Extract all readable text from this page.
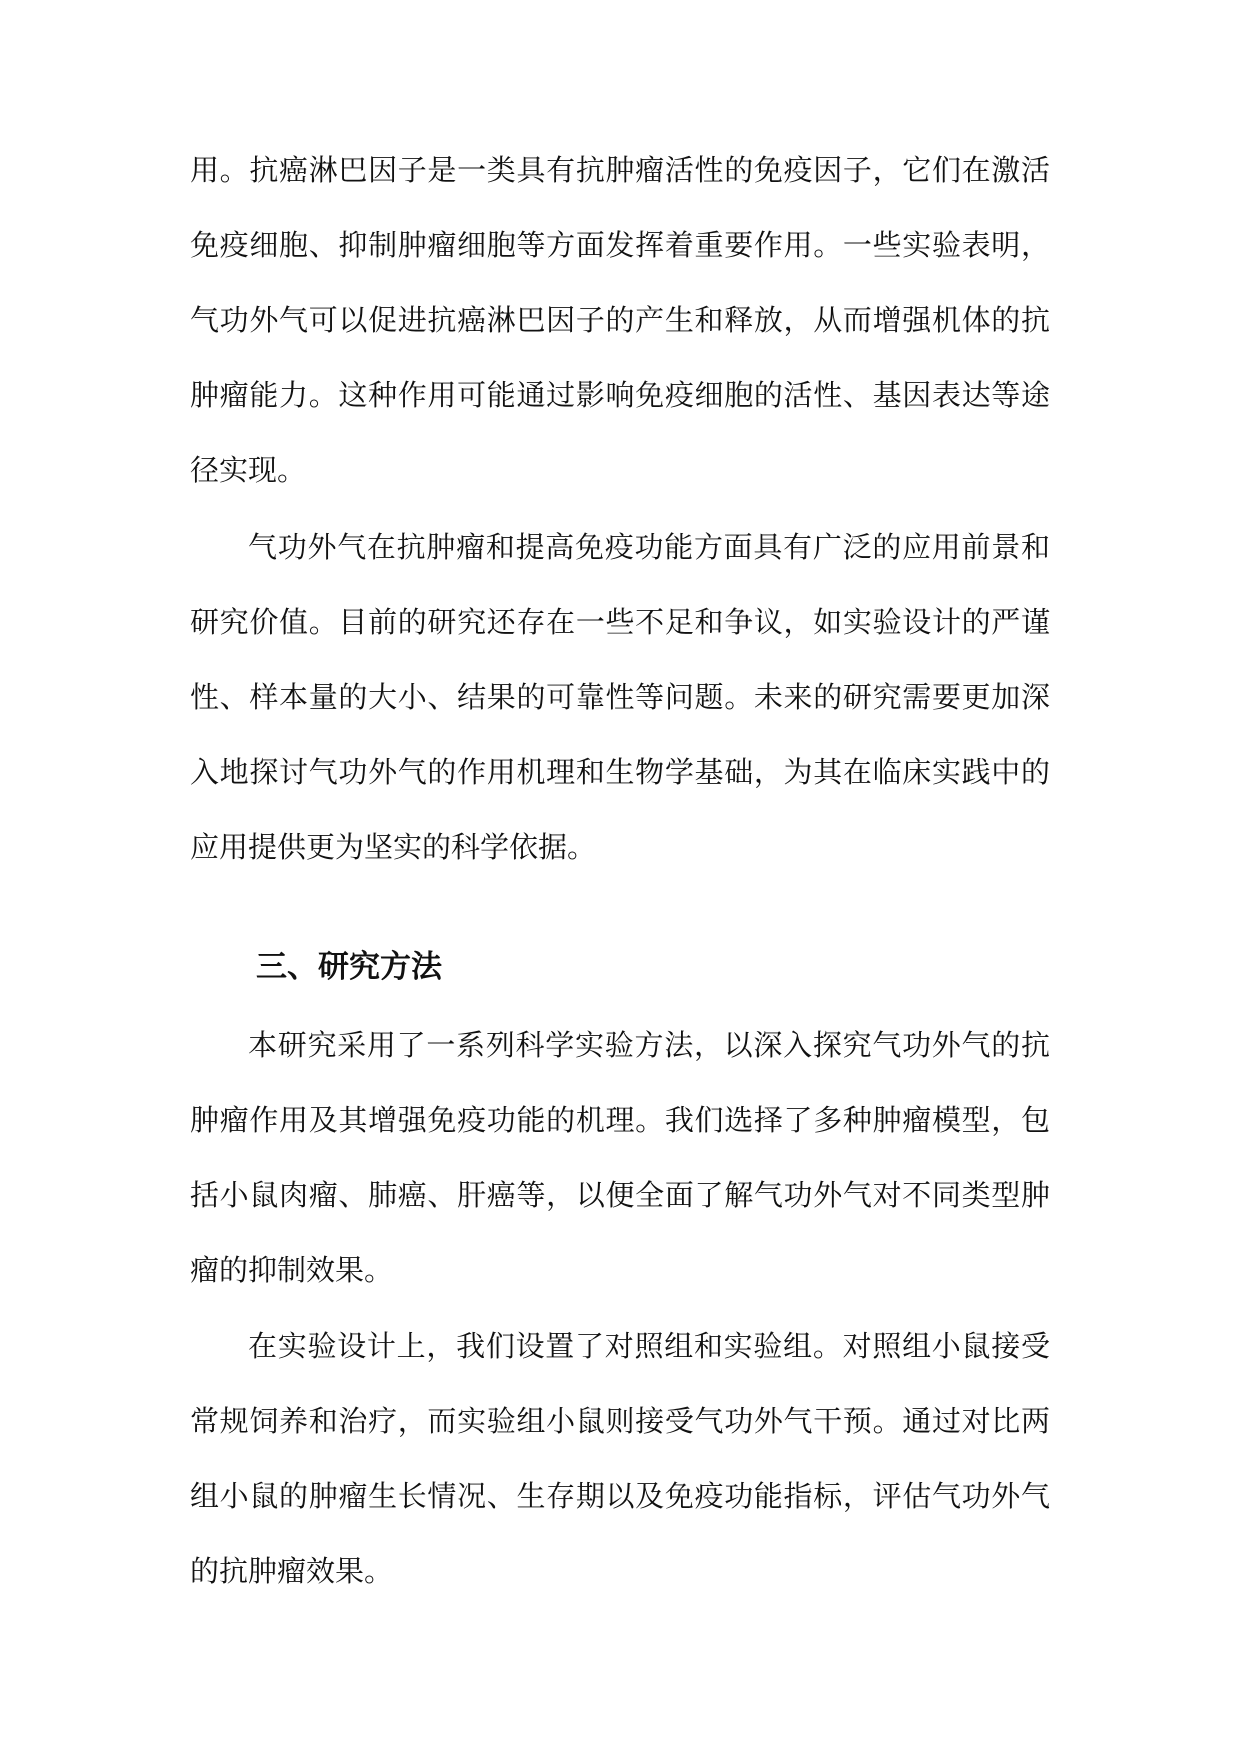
用。抗癌淋巴因子是一类具有抗肿瘤活性的免疫因子，它们在激活
免疫细胞、抑制肿瘤细胞等方面发挥着重要作用。一些实验表明，
气功外气可以促进抗癌淋巴因子的产生和释放，从而增强机体的抗
肿瘤能力。这种作用可能通过影响免疫细胞的活性、基因表达等途
径实现。
气功外气在抗肿瘤和提高免疫功能方面具有广泛的应用前景和
研究价值。目前的研究还存在一些不足和争议，如实验设计的严谨
性、样本量的大小、结果的可靠性等问题。未来的研究需要更加深
入地探讨气功外气的作用机理和生物学基础，为其在临床实践中的
应用提供更为坚实的科学依据。
三、研究方法
本研究采用了一系列科学实验方法，以深入探究气功外气的抗
肿瘤作用及其增强免疫功能的机理。我们选择了多种肿瘤模型，包
括小鼠肉瘤、肺癌、肝癌等，以便全面了解气功外气对不同类型肿
瘤的抑制效果。
在实验设计上，我们设置了对照组和实验组。对照组小鼠接受
常规饲养和治疗，而实验组小鼠则接受气功外气干预。通过对比两
组小鼠的肿瘤生长情况、生存期以及免疫功能指标，评估气功外气
的抗肿瘤效果。
